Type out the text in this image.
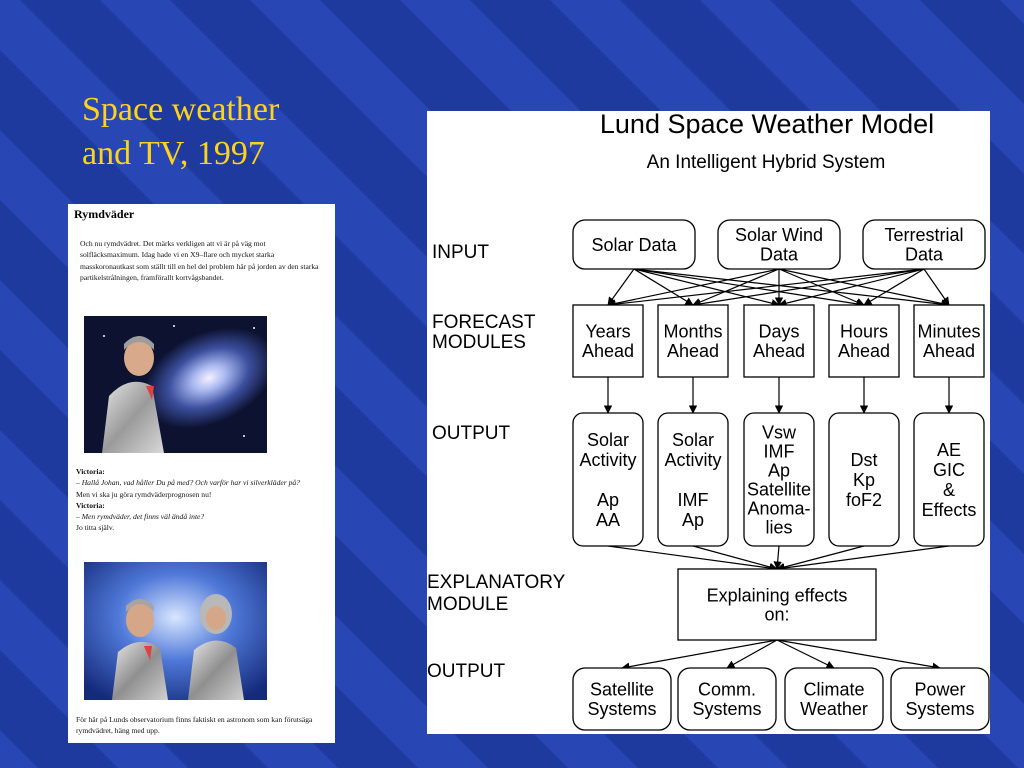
Space weather
and TV, 1997
Rymdväder
Och nu rymdvädret. Det märks verkligen att vi är på väg mot solfläcksmaximum. Idag hade vi en X9–flare och mycket starka masskoronautkast som ställt till en hel del problem här på jorden av den starka partikelstrålningen, framförallt kortvågsbandet.
Victoria:
– Hallå Johan, vad håller Du på med? Och varför har vi silverkläder på?
Men vi ska ju göra rymdväderprognosen nu!
Victoria:
– Men rymdväder, det finns väl ändå inte?
Jo titta själv.
För här på Lunds observatorium finns faktiskt en astronom som kan förutsäga rymdvädret, häng med upp.
Lund Space Weather Model
An Intelligent Hybrid System
INPUT
FORECAST
MODULES
OUTPUT
EXPLANATORY
MODULE
OUTPUT
Solar Data	Solar Wind
Data
Terrestrial
Data
Years
Ahead
Months
Ahead
Days
Ahead
Hours
Ahead
Minutes
Ahead
Solar
Activity
Ap
AA
Solar
Activity
IMF
Ap
Vsw
IMF
Ap
Satellite
Anoma-
lies
Dst
Kp
foF2
AE
GIC
&
Effects
Explaining effects
on:
Satellite
Systems
Comm.
Systems
Climate
Weather
Power
Systems
